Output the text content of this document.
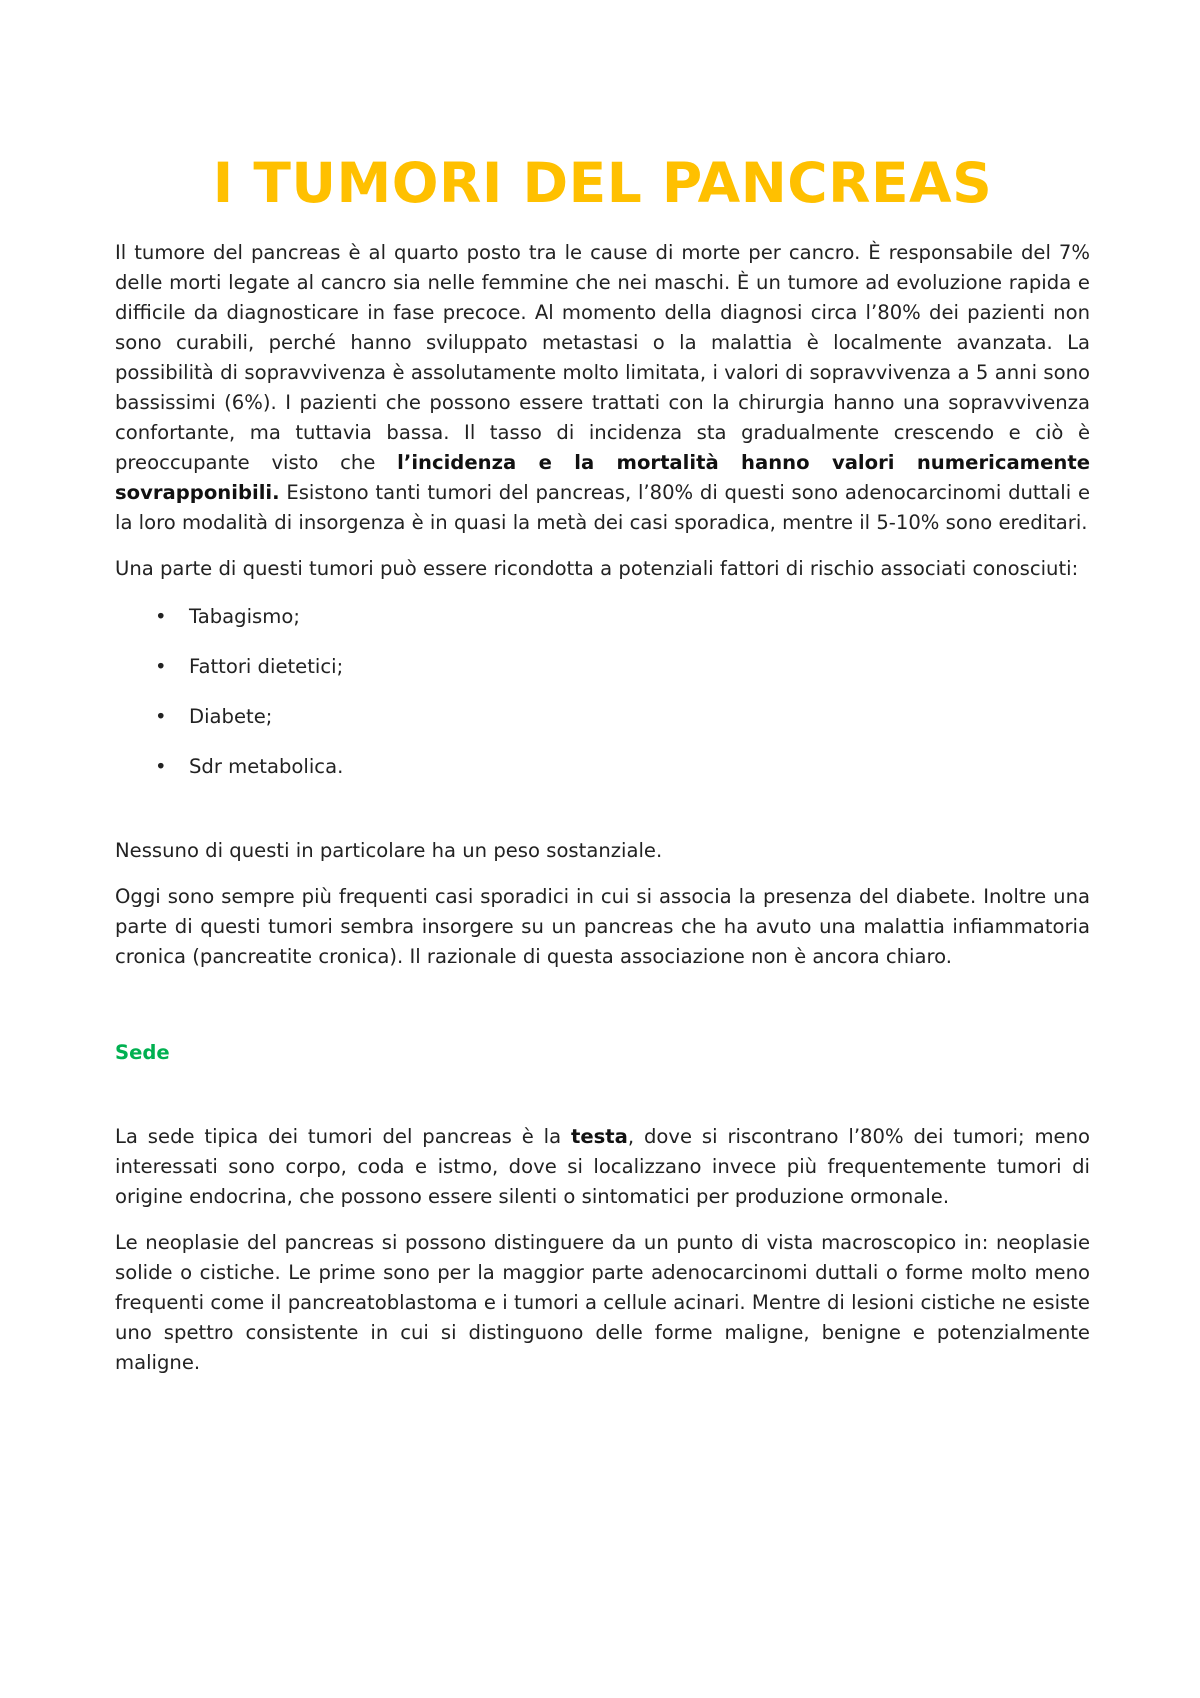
I TUMORI DEL PANCREAS

Il tumore del pancreas è al quarto posto tra le cause di morte per cancro. È responsabile del 7% delle morti legate al cancro sia nelle femmine che nei maschi. È un tumore ad evoluzione rapida e difficile da diagnosticare in fase precoce. Al momento della diagnosi circa l’80% dei pazienti non sono curabili, perché hanno sviluppato metastasi o la malattia è localmente avanzata. La possibilità di sopravvivenza è assolutamente molto limitata, i valori di sopravvivenza a 5 anni sono bassissimi (6%). I pazienti che possono essere trattati con la chirurgia hanno una sopravvivenza confortante, ma tuttavia bassa. Il tasso di incidenza sta gradualmente crescendo e ciò è preoccupante visto che l’incidenza e la mortalità hanno valori numericamente sovrapponibili. Esistono tanti tumori del pancreas, l’80% di questi sono adenocarcinomi duttali e la loro modalità di insorgenza è in quasi la metà dei casi sporadica, mentre il 5-10% sono ereditari.

Una parte di questi tumori può essere ricondotta a potenziali fattori di rischio associati conosciuti:

• Tabagismo;
• Fattori dietetici;
• Diabete;
• Sdr metabolica.

Nessuno di questi in particolare ha un peso sostanziale.

Oggi sono sempre più frequenti casi sporadici in cui si associa la presenza del diabete. Inoltre una parte di questi tumori sembra insorgere su un pancreas che ha avuto una malattia infiammatoria cronica (pancreatite cronica). Il razionale di questa associazione non è ancora chiaro.

Sede

La sede tipica dei tumori del pancreas è la testa, dove si riscontrano l’80% dei tumori; meno interessati sono corpo, coda e istmo, dove si localizzano invece più frequentemente tumori di origine endocrina, che possono essere silenti o sintomatici per produzione ormonale.

Le neoplasie del pancreas si possono distinguere da un punto di vista macroscopico in: neoplasie solide o cistiche. Le prime sono per la maggior parte adenocarcinomi duttali o forme molto meno frequenti come il pancreatoblastoma e i tumori a cellule acinari. Mentre di lesioni cistiche ne esiste uno spettro consistente in cui si distinguono delle forme maligne, benigne e potenzialmente maligne.
